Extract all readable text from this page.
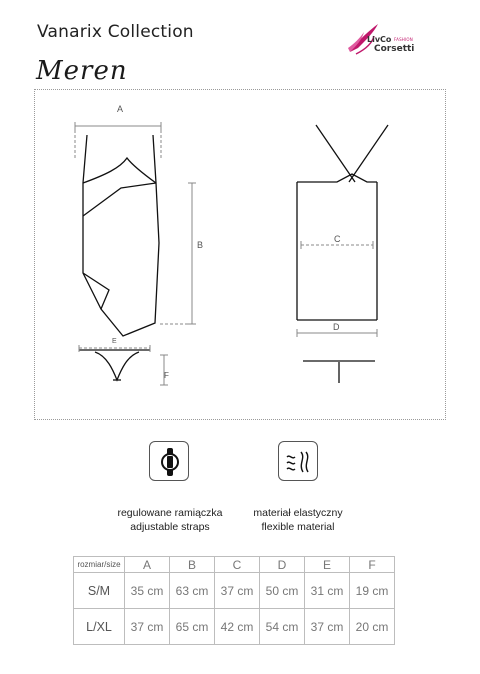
Vanarix Collection
Meren
LivCo FASHION
Corsetti
A
B
C
D
E
F
regulowane ramiączka
adjustable straps
materiał elastyczny
flexible material
rozmiar/size	A	B	C	D	E	F
S/M	35 cm	63 cm	37 cm	50 cm	31 cm	19 cm
L/XL	37 cm	65 cm	42 cm	54 cm	37 cm	20 cm
